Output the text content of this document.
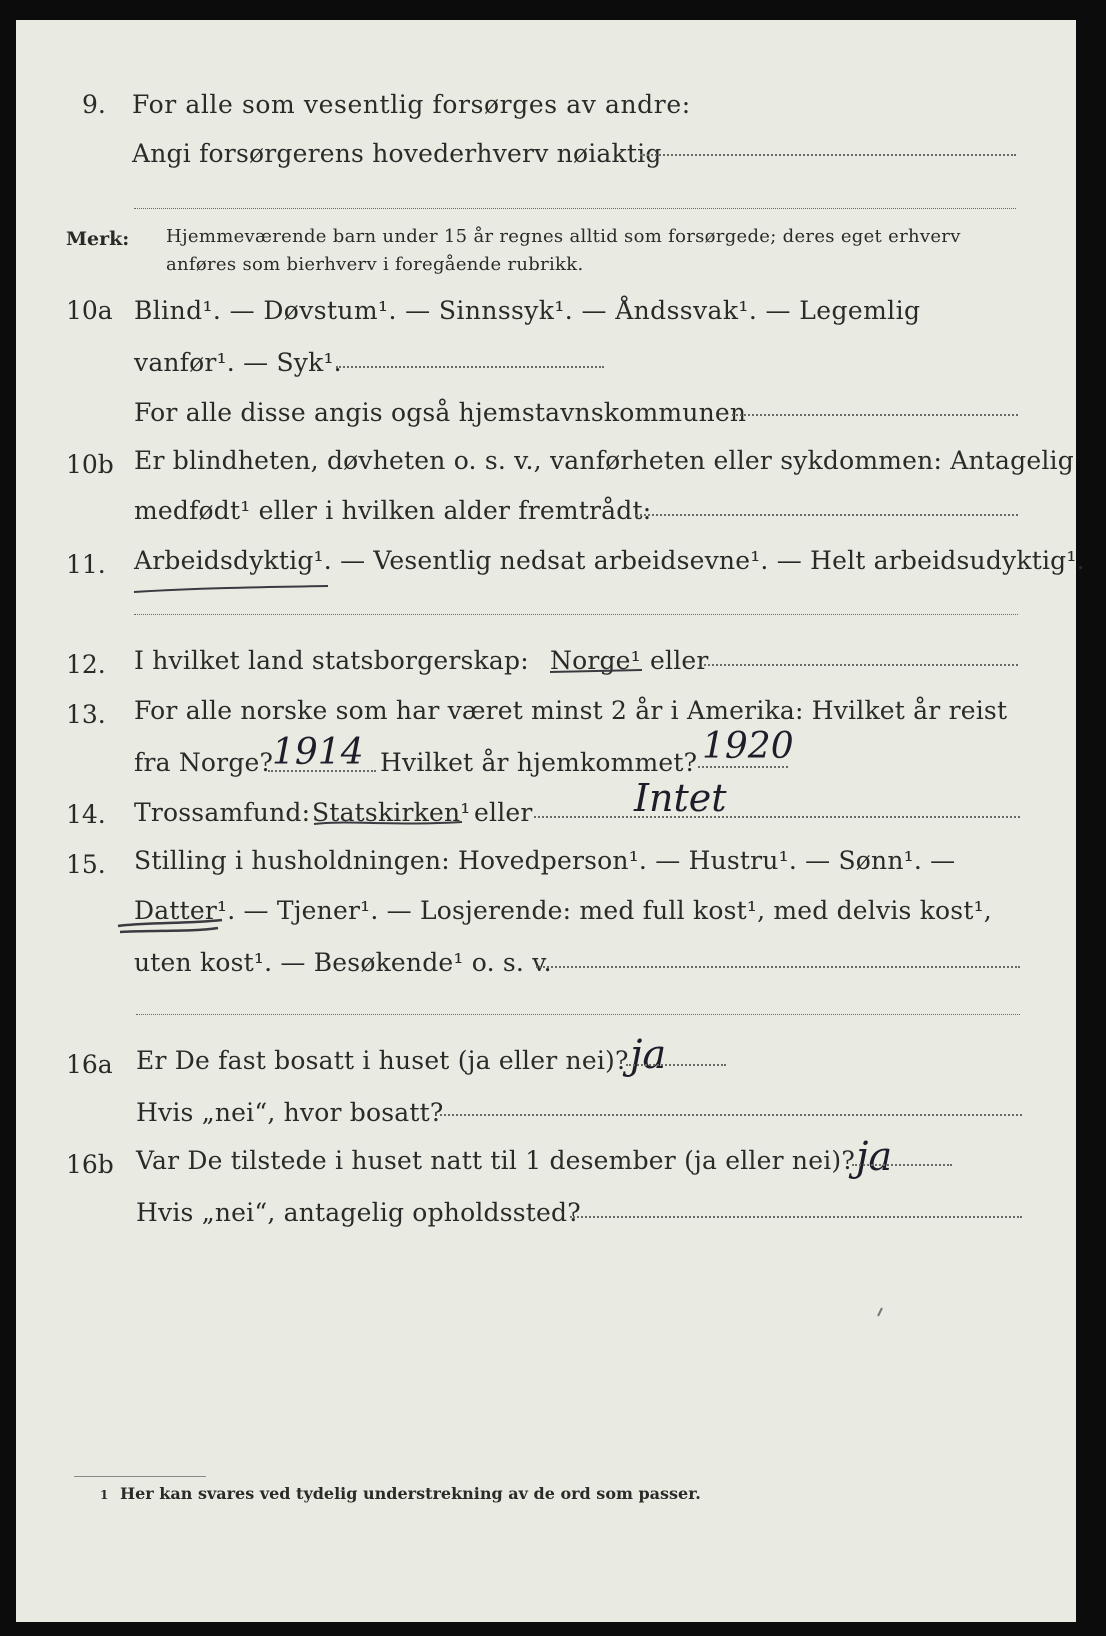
9. For alle som vesentlig forsørges av andre:
Angi forsørgerens hovederhverv nøiaktig
Merk: Hjemmeværende barn under 15 år regnes alltid som forsørgede; deres eget erhverv
anføres som bierhverv i foregående rubrikk.
10a Blind¹. — Døvstum¹. — Sinnssyk¹. — Åndssvak¹. — Legemlig
vanfør¹. — Syk¹.
For alle disse angis også hjemstavnskommunen
10b Er blindheten, døvheten o. s. v., vanførheten eller sykdommen: Antagelig
medfødt¹ eller i hvilken alder fremtrådt:
11. Arbeidsdyktig¹. — Vesentlig nedsat arbeidsevne¹. — Helt arbeidsudyktig¹.
12. I hvilket land statsborgerskap: Norge¹ eller
13. For alle norske som har været minst 2 år i Amerika: Hvilket år reist
fra Norge?
1914 Hvilket år hjemkommet? 1920
14. Trossamfund: Statskirken¹ eller	Intet
15. Stilling i husholdningen: Hovedperson¹. — Hustru¹. — Sønn¹. —
Datter¹. — Tjener¹. — Losjerende: med full kost¹, med delvis kost¹,
uten kost¹. — Besøkende¹ o. s. v.
16a Er De fast bosatt i huset (ja eller nei)? ja
Hvis „nei“, hvor bosatt?
16b Var De tilstede i huset natt til 1 desember (ja eller nei)? ja
Hvis „nei“, antagelig opholdssted?
1 Her kan svares ved tydelig understrekning av de ord som passer.
